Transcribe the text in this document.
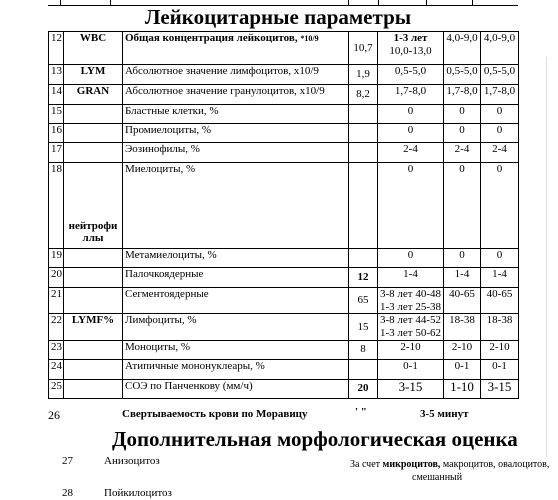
Лейкоцитарные параметры
12	WBC	Общая концентрация лейкоцитов, *10/9	10,7	1-3 лет
10,0-13,0	4,0-9,0	4,0-9,0
13	LYM	Абсолютное значение лимфоцитов, x10/9	1,9	0,5-5,0	0,5-5,0	0,5-5,0
14	GRAN	Абсолютное значение гранулоцитов, x10/9	8,2	1,7-8,0	1,7-8,0	1,7-8,0
15		Бластные клетки, %		0	0	0
16		Промиелоциты, %		0	0	0
17		Эозинофилы, %		2-4	2-4	2-4
18	нейтрофи ллы	Миелоциты, %		0	0	0
19		Метамиелоциты, %		0	0	0
20		Палочкоядерные	12	1-4	1-4	1-4
21		Сегментоядерные	65	3-8 лет 40-48
1-3 лет 25-38	40-65	40-65
22	LYMF%	Лимфоциты, %	15	3-8 лет 44-52
1-3 лет 50-62	18-38	18-38
23		Моноциты, %	8	2-10	2-10	2-10
24		Атипичные мононуклеары, %		0-1	0-1	0-1
25		СОЭ по Панченкову (мм/ч)	20	3-15	1-10	3-15
26	Свертываемость крови по Моравицу	' "	3-5 минут
Дополнительная морфологическая оценка
27	Анизоцитоз	За счет микроцитов, макроцитов, овалоцитов,
смешанный
28	Пойкилоцитоз
